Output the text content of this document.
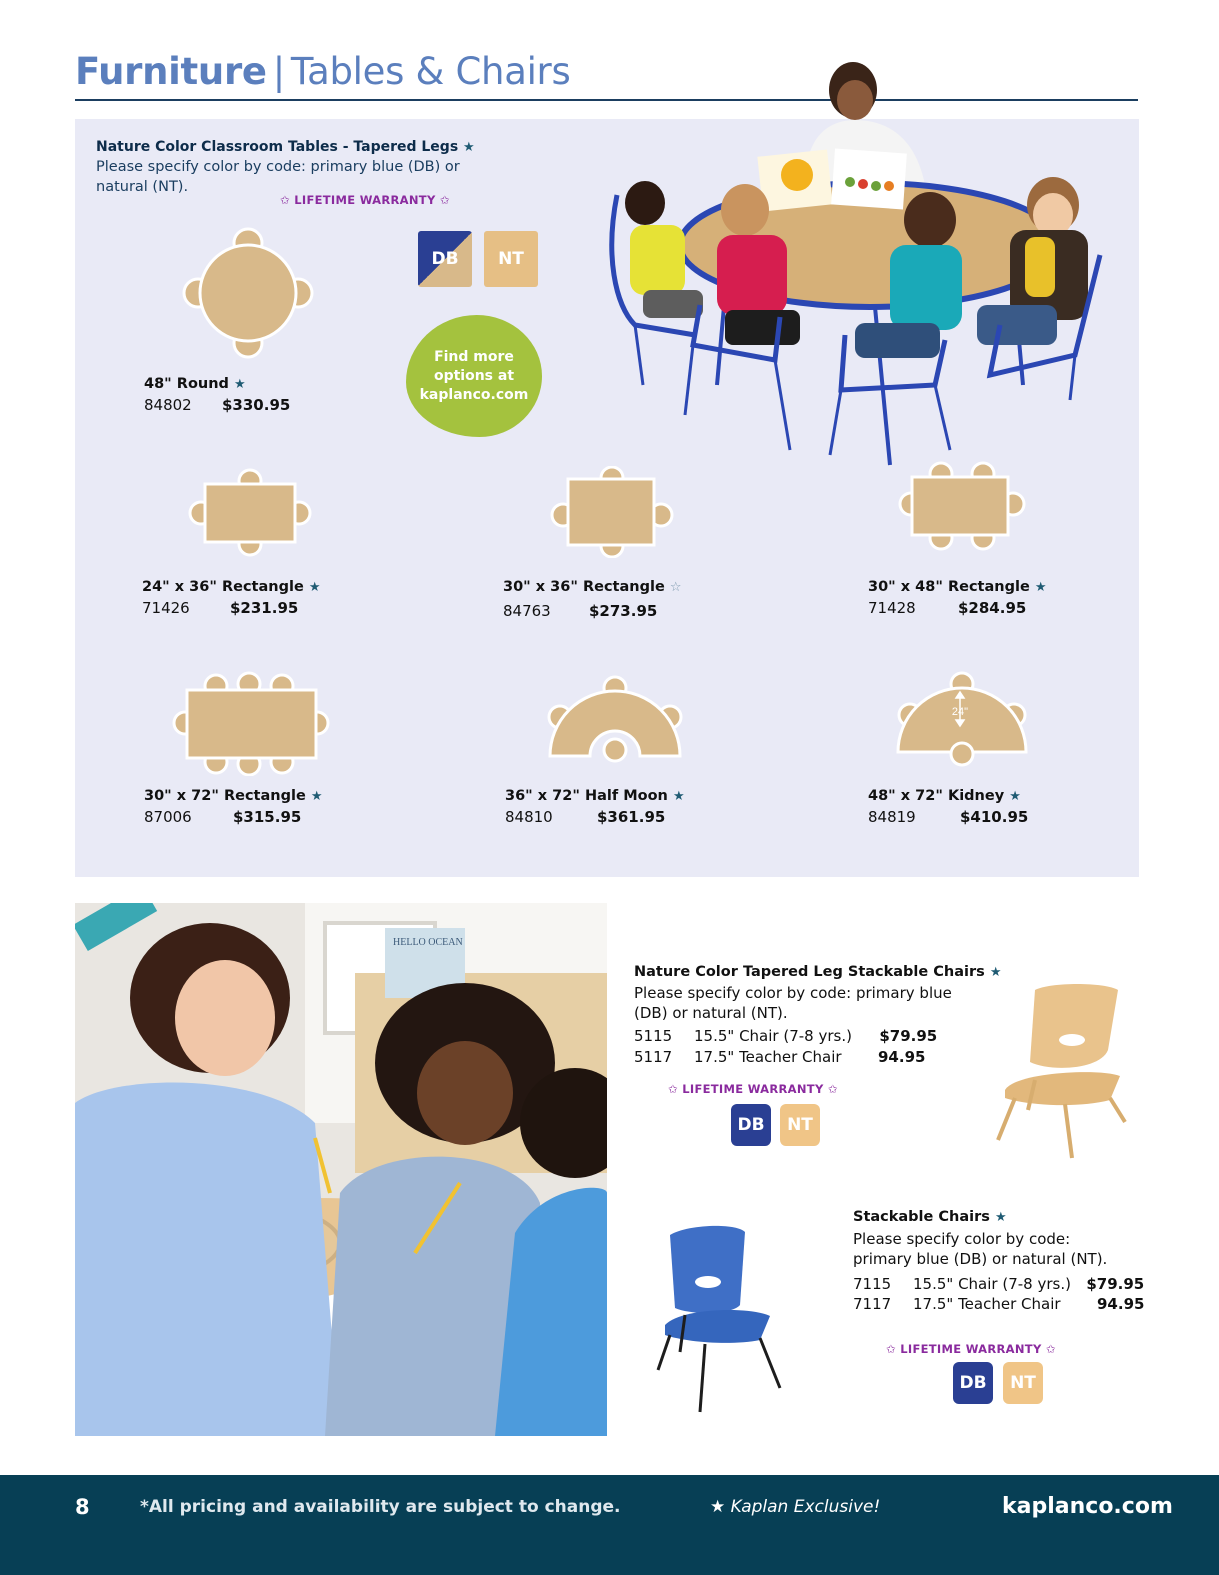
Furniture | Tables & Chairs
Nature Color Classroom Tables - Tapered Legs ★
Please specify color by code: primary blue (DB) or natural (NT).
✩ LIFETIME WARRANTY ✩
DB	NT
Find more
options at
kaplanco.com
24"
48" Round ★
84802 $330.95
24" x 36" Rectangle ★
71426	$231.95
30" x 36" Rectangle ☆
84763	$273.95
30" x 48" Rectangle ★
71428	$284.95
30" x 72" Rectangle ★
87006	$315.95
36" x 72" Half Moon ★
84810	$361.95
48" x 72" Kidney ★
84819	$410.95
HELLO OCEAN
Nature Color Tapered Leg Stackable Chairs ★
Please specify color by code: primary blue (DB) or natural (NT).
5115 15.5" Chair (7-8 yrs.) $79.95
5117 17.5" Teacher Chair 94.95
✩ LIFETIME WARRANTY ✩
DB	NT
Stackable Chairs ★
Please specify color by code: primary blue (DB) or natural (NT).
7115 15.5" Chair (7-8 yrs.) $79.95
7117 17.5" Teacher Chair 94.95
✩ LIFETIME WARRANTY ✩
DB	NT
8	*All pricing and availability are subject to change.	★ Kaplan Exclusive!	kaplanco.com
